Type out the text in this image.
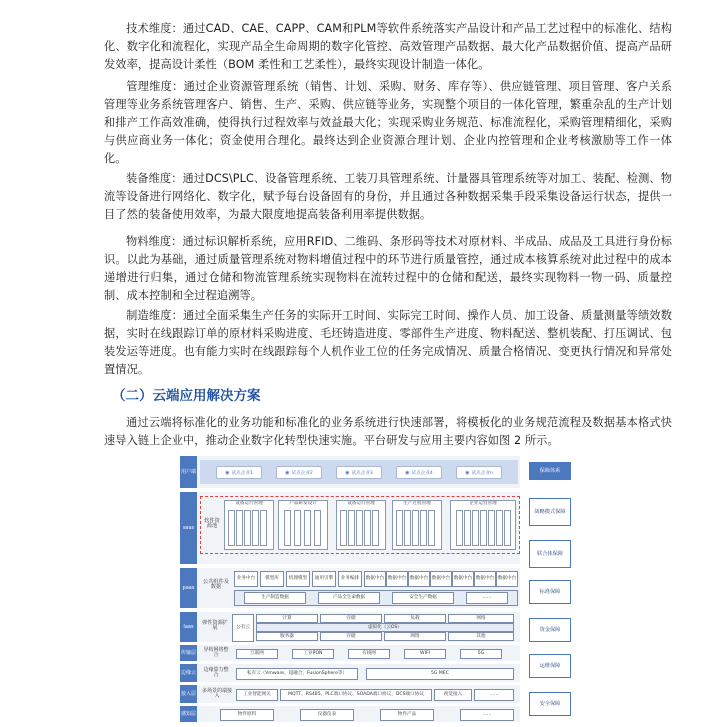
技术维度：通过CAD、CAE、CAPP、CAM和PLM等软件系统落实产品设计和产品工艺过程中的标准化、结构化、数字化和流程化，实现产品全生命周期的数字化管控、高效管理产品数据、最大化产品数据价值、提高产品研发效率，提高设计柔性（BOM 柔性和工艺柔性），最终实现设计制造一体化。

管理维度：通过企业资源管理系统（销售、计划、采购、财务、库存等）、供应链管理、项目管理、客户关系管理等业务系统管理客户、销售、生产、采购、供应链等业务，实现整个项目的一体化管理，繁重杂乱的生产计划和排产工作高效准确，使得执行过程效率与效益最大化；实现采购业务规范、标准流程化，采购管理精细化，采购与供应商业务一体化；资金使用合理化。最终达到企业资源合理计划、企业内控管理和企业考核激励等工作一体化。

装备维度：通过DCS\PLC、设备管理系统、工装刀具管理系统、计量器具管理系统等对加工、装配、检测、物流等设备进行网络化、数字化，赋予每台设备固有的身份，并且通过各种数据采集手段采集设备运行状态，提供一目了然的装备使用效率，为最大限度地提高装备利用率提供数据。

物料维度：通过标识解析系统，应用RFID、二维码、条形码等技术对原材料、半成品、成品及工具进行身份标识。以此为基础，通过质量管理系统对物料增值过程中的环节进行质量管控，通过成本核算系统对此过程中的成本递增进行归集，通过仓储和物流管理系统实现物料在流转过程中的仓储和配送，最终实现物料一物一码、质量控制、成本控制和全过程追溯等。

制造维度：通过全面采集生产任务的实际开工时间、实际完工时间、操作人员、加工设备、质量测量等绩效数据，实时在线跟踪订单的原材料采购进度、毛坯铸造进度、零部件生产进度、物料配送、整机装配、打压调试、包装发运等进度。也有能力实时在线跟踪每个人机作业工位的任务完成情况、质量合格情况、变更执行情况和异常处置情况。

（二）云端应用解决方案

通过云端将标准化的业务功能和标准化的业务系统进行快速部署，将模板化的业务规范流程及数据基本格式快速导入链上企业中，推动企业数字化转型快速实施。平台研发与应用主要内容如图 2 所示。

用户端	◉ 试点企业1	◉ 试点企业2	◉ 试点企业3	◉ 试点企业4	◉ 试点企业n
saas
软件资源池
设备运行管理	产品研发设计	设备运行管理	生产过程管理	企业运营管理
paas
公共组件及数据
业务中台	模型库	机理模型	通用引擎	业务编排	数据中台 数据中台 数据中台 数据中台 数据中台 数据中台 数据中台
生产制造数据	产品全生命数据	安全生产数据	……
Iaas
弹性资源扩展	公有云
计算	存储	负载	网络
虚拟化（云OS）
服务器	存储	网络	其他
传输层 异构网络整合	互联网	工业PON	有线网	WIFI	5G
边缘云 边缘算力整合	私有云（Vmware、超融合、FusionSphere等）	5G MEC
接入层 多场景的端接入	工业智能网关	MQTT、RS485、PLC端口协议、SOADA端口协议、DCS端口协议	视觉接入	……
感知层	物件原料	仪器仪表	物件产品	……
保障体系
战略模式保障
联合体保障
标准保障
资金保障
运维保障
安全保障
